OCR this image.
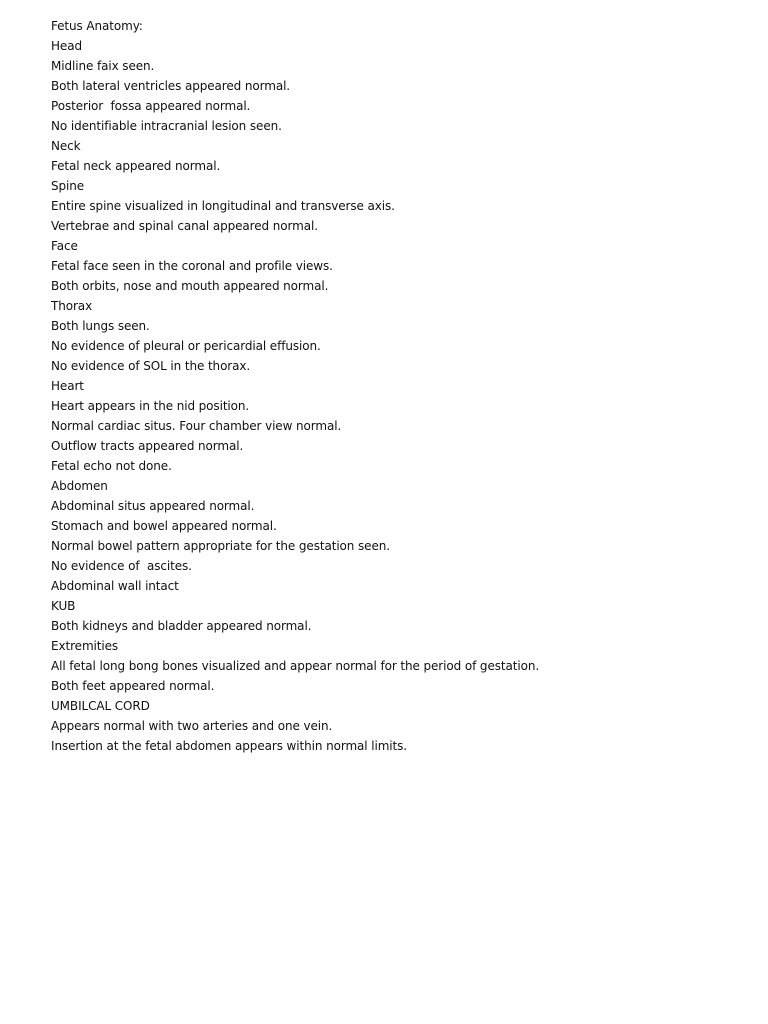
Fetus Anatomy:
Head
Midline faix seen.
Both lateral ventricles appeared normal.
Posterior  fossa appeared normal.
No identifiable intracranial lesion seen.
Neck
Fetal neck appeared normal.
Spine
Entire spine visualized in longitudinal and transverse axis.
Vertebrae and spinal canal appeared normal.
Face
Fetal face seen in the coronal and profile views.
Both orbits, nose and mouth appeared normal.
Thorax
Both lungs seen.
No evidence of pleural or pericardial effusion.
No evidence of SOL in the thorax.
Heart
Heart appears in the nid position.
Normal cardiac situs. Four chamber view normal.
Outflow tracts appeared normal.
Fetal echo not done.
Abdomen
Abdominal situs appeared normal.
Stomach and bowel appeared normal.
Normal bowel pattern appropriate for the gestation seen.
No evidence of  ascites.
Abdominal wall intact
KUB
Both kidneys and bladder appeared normal.
Extremities
All fetal long bong bones visualized and appear normal for the period of gestation.
Both feet appeared normal.
UMBILCAL CORD
Appears normal with two arteries and one vein.
Insertion at the fetal abdomen appears within normal limits.
